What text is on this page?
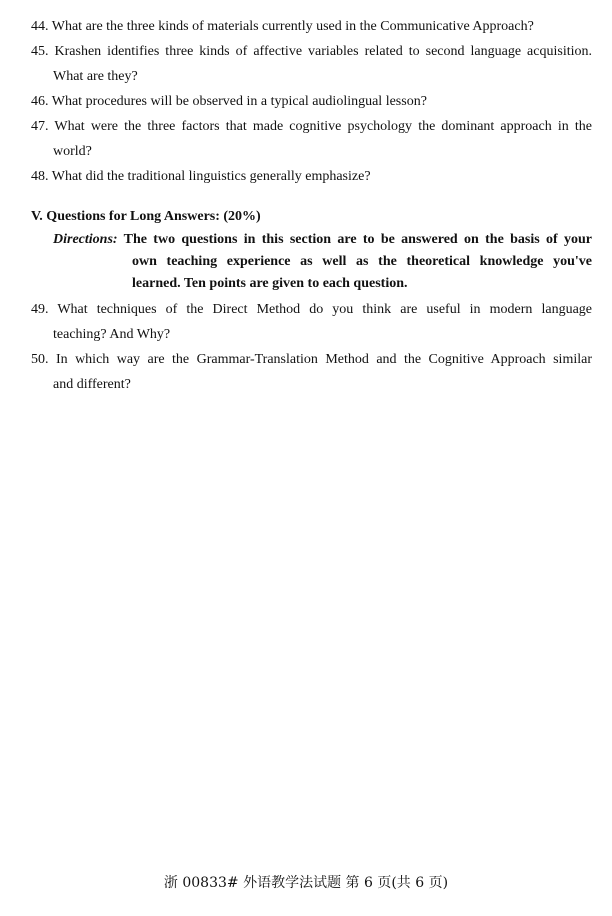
44. What are the three kinds of materials currently used in the Communicative Approach?
45. Krashen identifies three kinds of affective variables related to second language acquisition.
What are they?
46. What procedures will be observed in a typical audiolingual lesson?
47. What were the three factors that made cognitive psychology the dominant approach in the
world?
48. What did the traditional linguistics generally emphasize?
V. Questions for Long Answers: (20%)
Directions: The two questions in this section are to be answered on the basis of your
own teaching experience as well as the theoretical knowledge you've
learned. Ten points are given to each question.
49. What techniques of the Direct Method do you think are useful in modern language
teaching? And Why?
50. In which way are the Grammar-Translation Method and the Cognitive Approach similar
and different?
浙 00833# 外语教学法试题 第 6 页(共 6 页)
